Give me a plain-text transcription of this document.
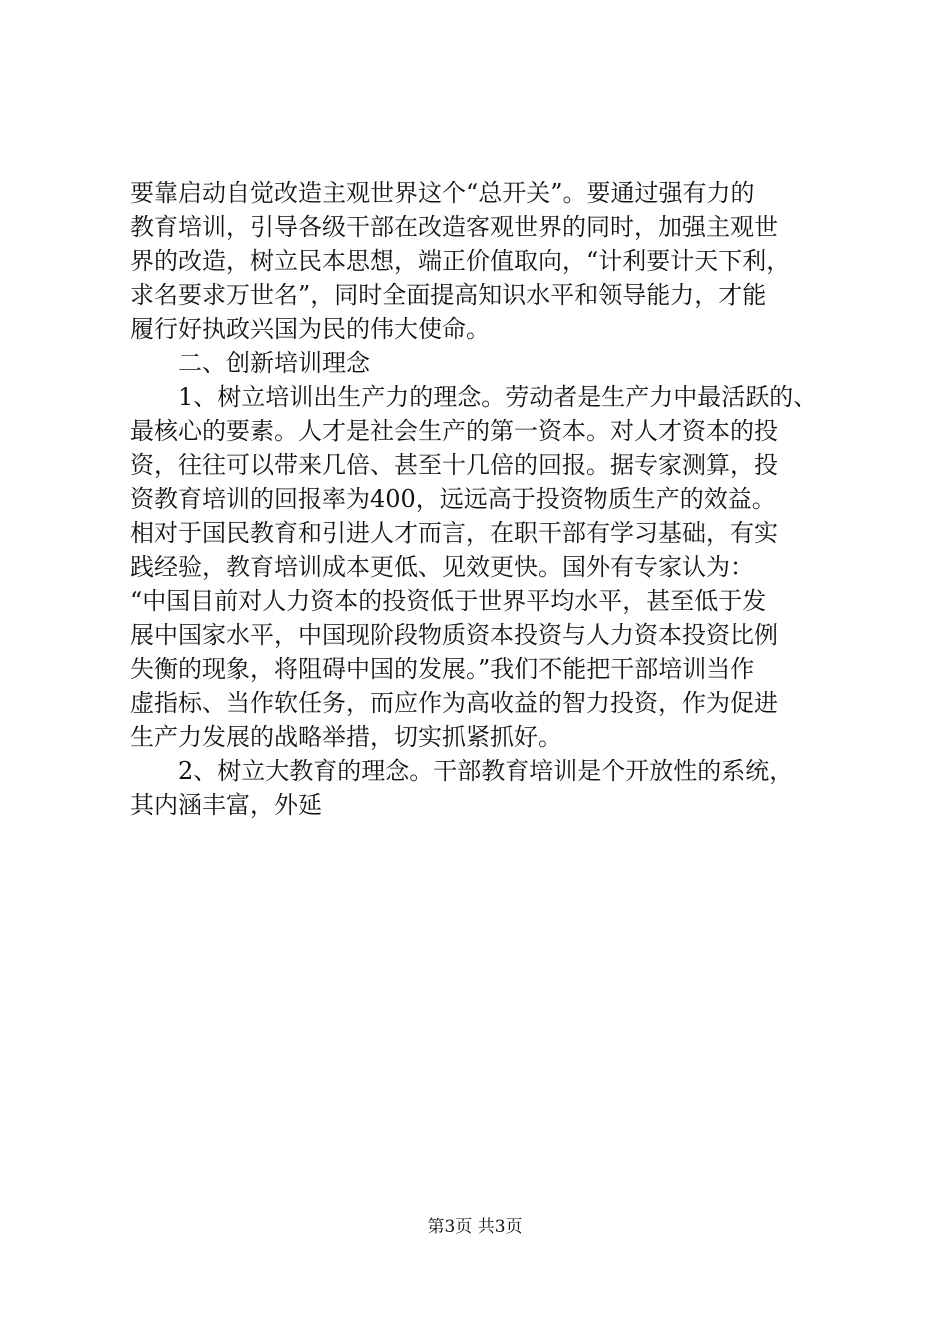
要靠启动自觉改造主观世界这个“总开关”。要通过强有力的
教育培训，引导各级干部在改造客观世界的同时，加强主观世
界的改造，树立民本思想，端正价值取向，“计利要计天下利，
求名要求万世名”，同时全面提高知识水平和领导能力，才能
履行好执政兴国为民的伟大使命。
二、创新培训理念
1、树立培训出生产力的理念。劳动者是生产力中最活跃的、
最核心的要素。人才是社会生产的第一资本。对人才资本的投
资，往往可以带来几倍、甚至十几倍的回报。据专家测算，投
资教育培训的回报率为400，远远高于投资物质生产的效益。
相对于国民教育和引进人才而言，在职干部有学习基础，有实
践经验，教育培训成本更低、见效更快。国外有专家认为：
“中国目前对人力资本的投资低于世界平均水平，甚至低于发
展中国家水平，中国现阶段物质资本投资与人力资本投资比例
失衡的现象，将阻碍中国的发展。”我们不能把干部培训当作
虚指标、当作软任务，而应作为高收益的智力投资，作为促进
生产力发展的战略举措，切实抓紧抓好。
2、树立大教育的理念。干部教育培训是个开放性的系统，
其内涵丰富，外延
第3页 共3页
